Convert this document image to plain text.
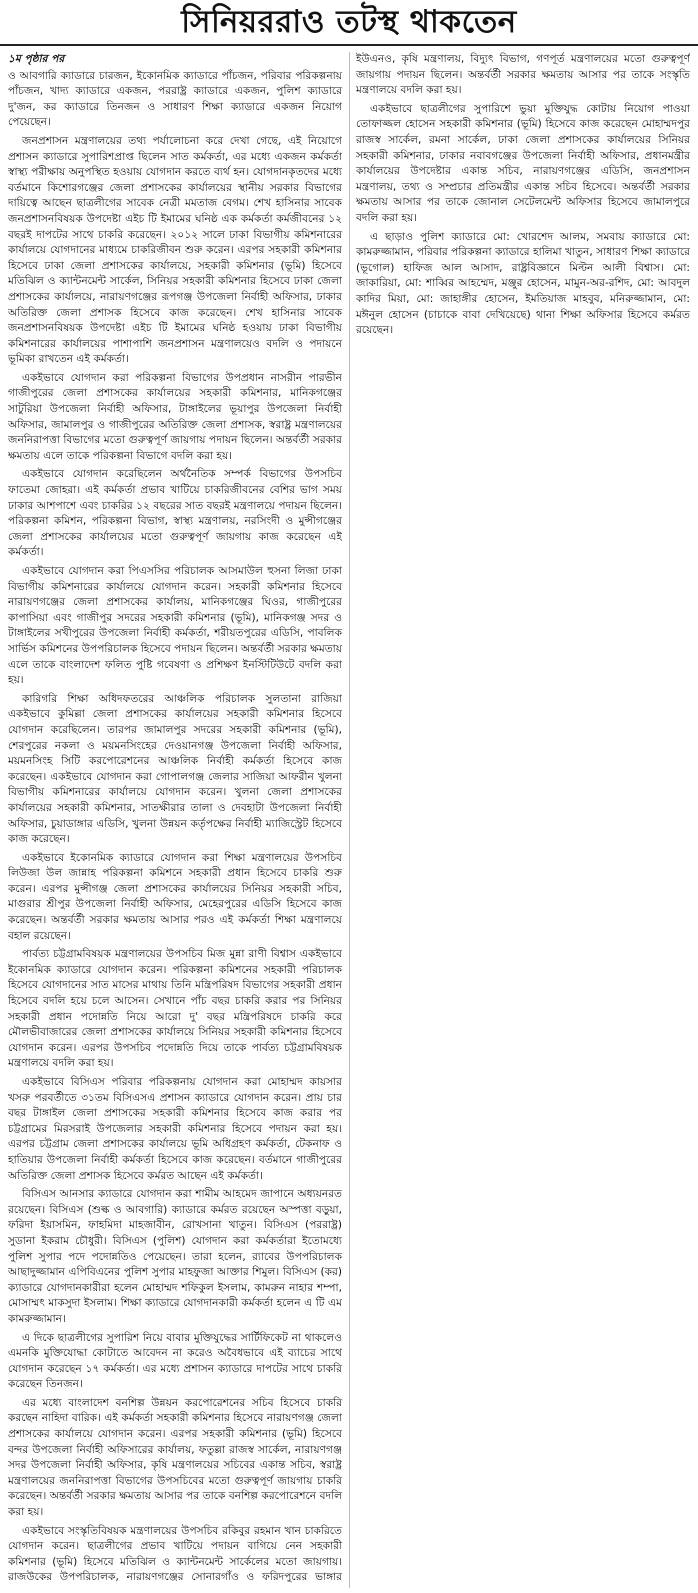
সিনিয়ররাও তটস্থ থাকতেন

১ম পৃষ্ঠার পর
ও আবগারি ক্যাডারে চারজন, ইকোনমিক ক্যাডারে পাঁচজন, পরিবার পরিকল্পনায় পাঁচজন, খাদ্য ক্যাডারে একজন, পররাষ্ট্র ক্যাডারে একজন, পুলিশ ক্যাডারে দু'জন, কর ক্যাডারে তিনজন ও সাধারণ শিক্ষা ক্যাডারে একজন নিয়োগ পেয়েছেন।

জনপ্রশাসন মন্ত্রণালয়ের তথ্য পর্যালোচনা করে দেখা গেছে, এই নিয়োগে প্রশাসন ক্যাডারে সুপারিশপ্রাপ্ত ছিলেন সাত কর্মকর্তা, এর মধ্যে একজন কর্মকর্তা স্বাস্থ্য পরীক্ষায় অনুপস্থিত হওয়ায় যোগদান করতে ব্যর্থ হন। যোগদানকৃতদের মধ্যে বর্তমানে কিশোরগঞ্জের জেলা প্রশাসকের কার্যালয়ের স্থানীয় সরকার বিভাগের দায়িত্বে আছেন ছাত্রলীগের সাবেক নেত্রী মমতাজ বেগম। শেখ হাসিনার সাবেক জনপ্রশাসনবিষয়ক উপদেষ্টা এইচ টি ইমামের ঘনিষ্ঠ এক কর্মকর্তা কর্মজীবনের ১২ বছরই দাপটের সাথে চাকরি করেছেন। ২০১২ সালে ঢাকা বিভাগীয় কমিশনারের কার্যালয়ে যোগদানের মাধ্যমে চাকরিজীবন শুরু করেন। এরপর সহকারী কমিশনার হিসেবে ঢাকা জেলা প্রশাসকের কার্যালয়ে, সহকারী কমিশনার (ভূমি) হিসেবে মতিঝিল ও ক্যান্টনমেন্ট সার্কেল, সিনিয়র সহকারী কমিশনার হিসেবে ঢাকা জেলা প্রশাসকের কার্যালয়ে, নারায়ণগঞ্জের রূপগঞ্জ উপজেলা নির্বাহী অফিসার, ঢাকার অতিরিক্ত জেলা প্রশাসক হিসেবে কাজ করেছেন। শেখ হাসিনার সাবেক জনপ্রশাসনবিষয়ক উপদেষ্টা এইচ টি ইমামের ঘনিষ্ঠ হওয়ায় ঢাকা বিভাগীয় কমিশনারের কার্যালয়ের পাশাপাশি জনপ্রশাসন মন্ত্রণালয়েও বদলি ও পদায়নে ভূমিকা রাখতেন এই কর্মকর্তা।

একইভাবে যোগদান করা পরিকল্পনা বিভাগের উপপ্রধান নাসরীন পারভীন গাজীপুরের জেলা প্রশাসকের কার্যালয়ের সহকারী কমিশনার, মানিকগঞ্জের সাটুরিয়া উপজেলা নির্বাহী অফিসার, টাঙ্গাইলের ভূয়াপুর উপজেলা নির্বাহী অফিসার, জামালপুর ও গাজীপুরের অতিরিক্ত জেলা প্রশাসক, স্বরাষ্ট্র মন্ত্রণালয়ের জননিরাপত্তা বিভাগের মতো গুরুত্বপূর্ণ জায়গায় পদায়ন ছিলেন। অন্তর্বর্তী সরকার ক্ষমতায় এলে তাকে পরিকল্পনা বিভাগে বদলি করা হয়।

একইভাবে যোগদান করেছিলেন অর্থনৈতিক সম্পর্ক বিভাগের উপসচিব ফাতেমা জোহরা। এই কর্মকর্তা প্রভাব খাটিয়ে চাকরিজীবনের বেশির ভাগ সময় ঢাকার আশপাশে এবং চাকরির ১২ বছরের সাত বছরই মন্ত্রণালয়ে পদায়ন ছিলেন। পরিকল্পনা কমিশন, পরিকল্পনা বিভাগ, স্বাস্থ্য মন্ত্রণালয়, নরসিংদী ও মুন্সীগঞ্জের জেলা প্রশাসকের কার্যালয়ের মতো গুরুত্বপূর্ণ জায়গায় কাজ করেছেন এই কর্মকর্তা।

একইভাবে যোগদান করা পিএসসির পরিচালক আসমাউল হুসনা লিজা ঢাকা বিভাগীয় কমিশনারের কার্যালয়ে যোগদান করেন। সহকারী কমিশনার হিসেবে নারায়ণগঞ্জের জেলা প্রশাসকের কার্যালয়, মানিকগঞ্জের ঘিওর, গাজীপুরের কাপাসিয়া এবং গাজীপুর সদরের সহকারী কমিশনার (ভূমি), মানিকগঞ্জ সদর ও টাঙ্গাইলের সখীপুরের উপজেলা নির্বাহী কর্মকর্তা, শরীয়তপুরের এডিসি, পাবলিক সার্ভিস কমিশনের উপপরিচালক হিসেবে পদায়ন ছিলেন। অন্তর্বর্তী সরকার ক্ষমতায় এলে তাকে বাংলাদেশ ফলিত পুষ্টি গবেষণা ও প্রশিক্ষণ ইনস্টিটিউটে বদলি করা হয়।

কারিগরি শিক্ষা অধিদফতরের আঞ্চলিক পরিচালক সুলতানা রাজিয়া একইভাবে কুমিল্লা জেলা প্রশাসকের কার্যালয়ের সহকারী কমিশনার হিসেবে যোগদান করেছিলেন। তারপর জামালপুর সদরের সহকারী কমিশনার (ভূমি), শেরপুরের নকলা ও ময়মনসিংহের দেওয়ানগঞ্জ উপজেলা নির্বাহী অফিসার, ময়মনসিংহ সিটি করপোরেশনের আঞ্চলিক নির্বাহী কর্মকর্তা হিসেবে কাজ করেছেন। একইভাবে যোগদান করা গোপালগঞ্জ জেলার সাজিয়া আফরীন খুলনা বিভাগীয় কমিশনারের কার্যালয়ে যোগদান করেন। খুলনা জেলা প্রশাসকের কার্যালয়ের সহকারী কমিশনার, সাতক্ষীরার তালা ও দেবহাটা উপজেলা নির্বাহী অফিসার, চুয়াডাঙ্গার এডিসি, খুলনা উন্নয়ন কর্তৃপক্ষের নির্বাহী ম্যাজিস্ট্রেট হিসেবে কাজ করেছেন।

একইভাবে ইকোনমিক ক্যাডারে যোগদান করা শিক্ষা মন্ত্রণালয়ের উপসচিব লিউজা উল জান্নাহ পরিকল্পনা কমিশনে সহকারী প্রধান হিসেবে চাকরি শুরু করেন। এরপর মুন্সীগঞ্জ জেলা প্রশাসকের কার্যালয়ের সিনিয়র সহকারী সচিব, মাগুরার শ্রীপুর উপজেলা নির্বাহী অফিসার, মেহেরপুরের এডিসি হিসেবে কাজ করেছেন। অন্তর্বর্তী সরকার ক্ষমতায় আসার পরও এই কর্মকর্তা শিক্ষা মন্ত্রণালয়ে বহাল রয়েছেন।

পার্বত্য চট্টগ্রামবিষয়ক মন্ত্রণালয়ের উপসচিব মিজ মুন্না রাণী বিশ্বাস একইভাবে ইকোনমিক ক্যাডারে যোগদান করেন। পরিকল্পনা কমিশনের সহকারী পরিচালক হিসেবে যোগদানের সাত মাসের মাথায় তিনি মন্ত্রিপরিষদ বিভাগের সহকারী প্রধান হিসেবে বদলি হয়ে চলে আসেন। সেখানে পাঁচ বছর চাকরি করার পর সিনিয়র সহকারী প্রধান পদোন্নতি নিয়ে আরো দু' বছর মন্ত্রিপরিষদে চাকরি করে মৌলভীবাজারের জেলা প্রশাসকের কার্যালয়ে সিনিয়র সহকারী কমিশনার হিসেবে যোগদান করেন। এরপর উপসচিব পদোন্নতি দিয়ে তাকে পার্বত্য চট্টগ্রামবিষয়ক মন্ত্রণালয়ে বদলি করা হয়।

একইভাবে বিসিএস পরিবার পরিকল্পনায় যোগদান করা মোহাম্মদ কায়সার খসরু পরবর্তীতে ৩১তম বিসিএসএ প্রশাসন ক্যাডারে যোগদান করেন। প্রায় চার বছর টাঙ্গাইল জেলা প্রশাসকের সহকারী কমিশনার হিসেবে কাজ করার পর চট্টগ্রামের মিরসরাই উপজেলার সহকারী কমিশনার হিসেবে পদায়ন করা হয়। এরপর চট্টগ্রাম জেলা প্রশাসকের কার্যালয়ে ভূমি অধিগ্রহণ কর্মকর্তা, টেকনাফ ও হাতিয়ার উপজেলা নির্বাহী কর্মকর্তা হিসেবে কাজ করেছেন। বর্তমানে গাজীপুরের অতিরিক্ত জেলা প্রশাসক হিসেবে কর্মরত আছেন এই কর্মকর্তা।

বিসিএস আনসার ক্যাডারে যোগদান করা শামীম আহমেদ জাপানে অধ্যয়নরত রয়েছেন। বিসিএস (শুল্ক ও আবগারি) ক্যাডারে কর্মরত রয়েছেন অস্পত্তা বড়ুয়া, ফরিদা ইয়াসমিন, ফাহমিদা মাহজাবীন, রোখসানা খাতুন। বিসিএস (পররাষ্ট্র) সুডানা ইকরাম চৌধুরী। বিসিএস (পুলিশ) যোগদান করা কর্মকর্তারা ইতোমধ্যে পুলিশ সুপার পদে পদোন্নতিও পেয়েছেন। তারা হলেন, র‌্যাবের উপপরিচালক আছাদুজ্জামান এপিবিএনের পুলিশ সুপার মাহফুজা আক্তার শিমুল। বিসিএস (কর) ক্যাডারে যোগদানকারীরা হলেন মোহাম্মদ শফিকুল ইসলাম, কামরুন নাহার শম্পা, মোসাম্মৎ মাকসুদা ইসলাম। শিক্ষা ক্যাডারে যোগদানকারী কর্মকর্তা হলেন এ টি এম কামরুজ্জামান।

এ দিকে ছাত্রলীগের সুপারিশ নিয়ে বাবার মুক্তিযুদ্ধের সার্টিফিকেট না থাকলেও এমনকি মুক্তিযোদ্ধা কোটাতে আবেদন না করেও অবৈধভাবে এই ব্যাচের সাথে যোগদান করেছেন ১৭ কর্মকর্তা। এর মধ্যে প্রশাসন ক্যাডারে দাপটের সাথে চাকরি করেছেন তিনজন।

এর মধ্যে বাংলাদেশ বনশিল্প উন্নয়ন করপোরেশনের সচিব হিসেবে চাকরি করছেন নাহিদা বারিক। এই কর্মকর্তা সহকারী কমিশনার হিসেবে নারায়ণগঞ্জ জেলা প্রশাসকের কার্যালয়ে যোগদান করেন। এরপর সহকারী কমিশনার (ভূমি) হিসেবে বন্দর উপজেলা নির্বাহী অফিসারের কার্যালয়, ফতুল্লা রাজস্ব সার্কেল, নারায়ণগঞ্জ সদর উপজেলা নির্বাহী অফিসার, কৃষি মন্ত্রণালয়ের সচিবের একান্ত সচিব, স্বরাষ্ট্র মন্ত্রণালয়ের জননিরাপত্তা বিভাগের উপসচিবের মতো গুরুত্বপূর্ণ জায়গায় চাকরি করেছেন। অন্তর্বর্তী সরকার ক্ষমতায় আসার পর তাকে বনশিল্প করপোরেশনে বদলি করা হয়।

একইভাবে সংস্কৃতিবিষয়ক মন্ত্রণালয়ের উপসচিব রকিবুর রহমান খান চাকরিতে যোগদান করেন। ছাত্রলীগের প্রভাব খাটিয়ে পদায়ন বাগিয়ে নেন সহকারী কমিশনার (ভূমি) হিসেবে মতিঝিল ও ক্যান্টনমেন্ট সার্কেলের মতো জায়গায়। রাজউকের উপপরিচালক, নারায়ণগঞ্জের সোনারগাঁও ও ফরিদপুরের ভাঙ্গার ইউএনও, কৃষি মন্ত্রণালয়, বিদ্যুৎ বিভাগ, গণপূর্ত মন্ত্রণালয়ের মতো গুরুত্বপূর্ণ জায়গায় পদায়ন ছিলেন। অন্তর্বর্তী সরকার ক্ষমতায় আসার পর তাকে সংস্কৃতি মন্ত্রণালয়ে বদলি করা হয়।

একইভাবে ছাত্রলীগের সুপারিশে ভুয়া মুক্তিযুদ্ধ কোটায় নিয়োগ পাওয়া তোফাজ্জল হোসেন সহকারী কমিশনার (ভূমি) হিসেবে কাজ করেছেন মোহাম্মদপুর রাজস্ব সার্কেল, রমনা সার্কেল, ঢাকা জেলা প্রশাসকের কার্যালয়ের সিনিয়র সহকারী কমিশনার, ঢাকার নবাবগঞ্জের উপজেলা নির্বাহী অফিসার, প্রধানমন্ত্রীর কার্যালয়ের উপদেষ্টার একান্ত সচিব, নারায়ণগঞ্জের এডিসি, জনপ্রশাসন মন্ত্রণালয়, তথ্য ও সম্প্রচার প্রতিমন্ত্রীর একান্ত সচিব হিসেবে। অন্তর্বর্তী সরকার ক্ষমতায় আসার পর তাকে জোনাল সেটেলমেন্ট অফিসার হিসেবে জামালপুরে বদলি করা হয়।

এ ছাড়াও পুলিশ ক্যাডারে মো: খোরশেদ আলম, সমবায় ক্যাডারে মো: কামরুজ্জামান, পরিবার পরিকল্পনা ক্যাডারে হালিমা খাতুন, সাধারণ শিক্ষা ক্যাডারে (ভূগোল) হাফিজ আল আসাদ, রাষ্ট্রবিজ্ঞানে মিল্টন আলী বিশ্বাস। মো: জাকারিয়া, মো: শাব্বির আহম্মেদ, মঞ্জুর হোসেন, মামুন-অর-রশিদ, মো: আবদুল কাদির মিয়া, মো: জাহাঙ্গীর হোসেন, ইমতিয়াজ মাহবুব, মনিরুজ্জামান, মো: মঈনুল হোসেন (চাচাকে বাবা দেখিয়েছে) থানা শিক্ষা অফিসার হিসেবে কর্মরত রয়েছেন।
